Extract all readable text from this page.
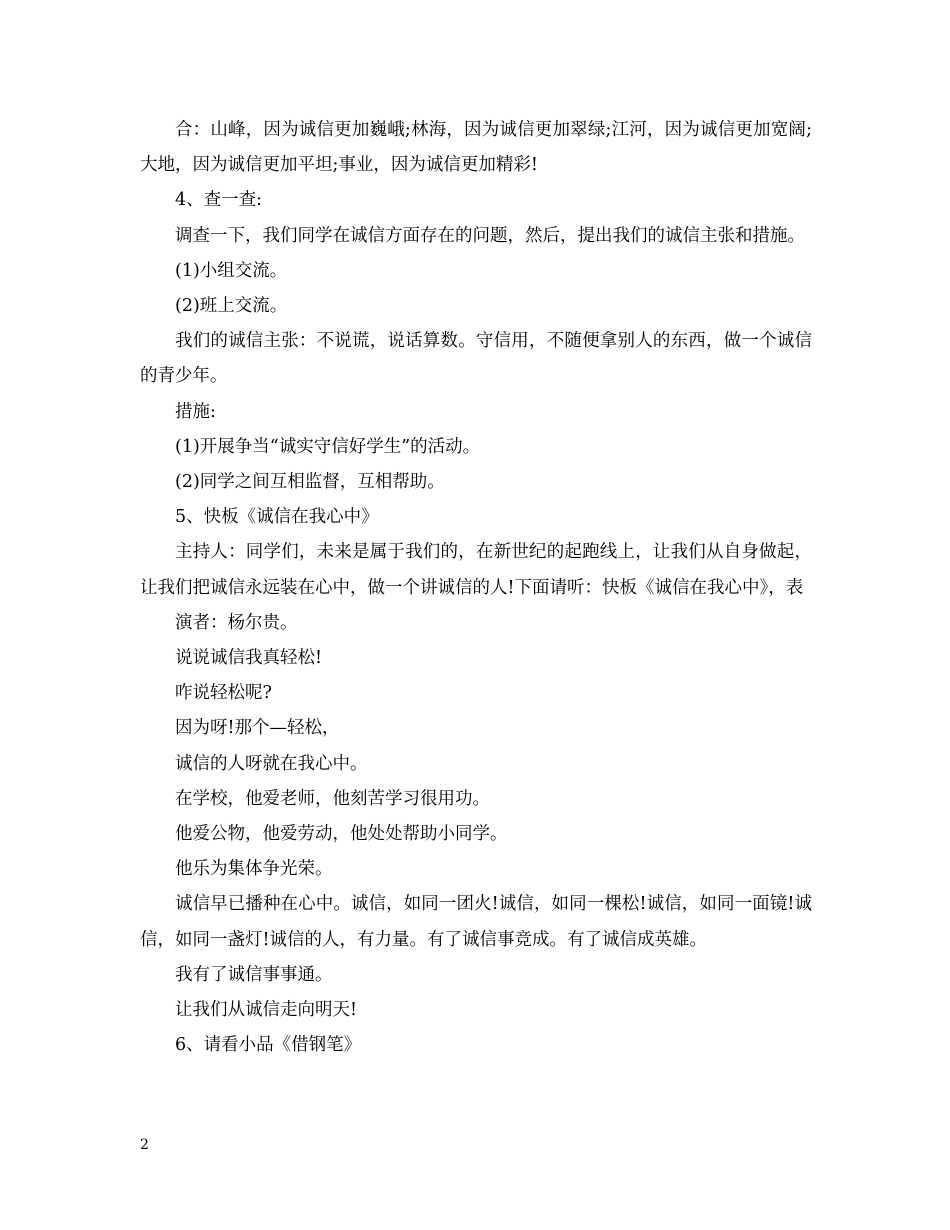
合：山峰，因为诚信更加巍峨;林海，因为诚信更加翠绿;江河，因为诚信更加宽阔;大地，因为诚信更加平坦;事业，因为诚信更加精彩!

4、查一查:

调查一下，我们同学在诚信方面存在的问题，然后，提出我们的诚信主张和措施。

(1)小组交流。

(2)班上交流。

我们的诚信主张：不说谎，说话算数。守信用，不随便拿别人的东西，做一个诚信的青少年。

措施:

(1)开展争当“诚实守信好学生”的活动。

(2)同学之间互相监督，互相帮助。

5、快板《诚信在我心中》

主持人：同学们，未来是属于我们的，在新世纪的起跑线上，让我们从自身做起，让我们把诚信永远装在心中，做一个讲诚信的人!下面请听：快板《诚信在我心中》，表

演者：杨尔贵。

说说诚信我真轻松!

咋说轻松呢?

因为呀!那个—轻松，

诚信的人呀就在我心中。

在学校，他爱老师，他刻苦学习很用功。

他爱公物，他爱劳动，他处处帮助小同学。

他乐为集体争光荣。

诚信早已播种在心中。诚信，如同一团火!诚信，如同一棵松!诚信，如同一面镜!诚信，如同一盏灯!诚信的人，有力量。有了诚信事竞成。有了诚信成英雄。

我有了诚信事事通。

让我们从诚信走向明天!

6、请看小品《借钢笔》

2
